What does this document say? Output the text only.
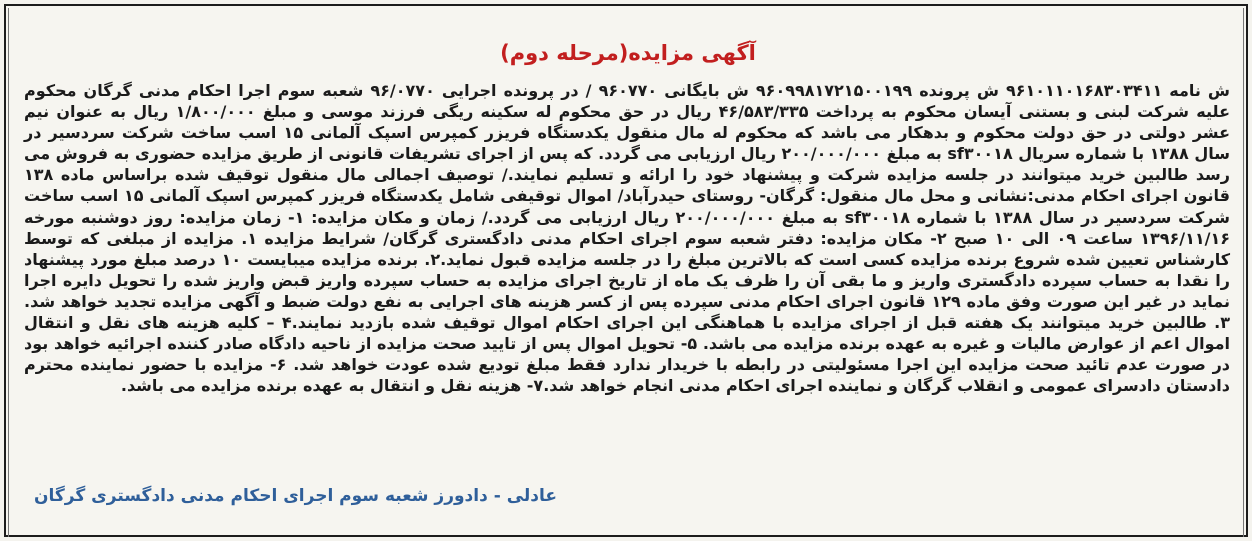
آگهی مزایده(مرحله دوم)
ش نامه ۹۶۱۰۱۱۰۱۶۸۳۰۳۴۱۱ ش پرونده ۹۶۰۹۹۸۱۷۲۱۵۰۰۱۹۹ ش بایگانی ۹۶۰۷۷۰ / در پرونده اجرایی ۹۶/۰۷۷۰ شعبه سوم اجرا احکام مدنی گرگان محکوم علیه شرکت لبنی و بستنی آیسان محکوم به پرداخت ۴۶/۵۸۳/۳۳۵ ریال در حق محکوم له سکینه ریگی فرزند موسی و مبلغ ۱/۸۰۰/۰۰۰ ریال به عنوان نیم عشر دولتی در حق دولت محکوم و بدهکار می باشد که محکوم له مال منقول یکدستگاه فریزر کمپرس اسپک آلمانی ۱۵ اسب ساخت شرکت سردسیر در سال ۱۳۸۸ با شماره سریال sf۳۰۰۱۸ به مبلغ ۲۰۰/۰۰۰/۰۰۰ ریال ارزیابی می گردد. که پس از اجرای تشریفات قانونی از طریق مزایده حضوری به فروش می رسد طالبین خرید میتوانند در جلسه مزایده شرکت و پیشنهاد خود را ارائه و تسلیم نمایند./ توصیف اجمالی مال منقول توقیف شده براساس ماده ۱۳۸ قانون اجرای احکام مدنی:نشانی و محل مال منقول: گرگان- روستای حیدرآباد/ اموال توقیفی شامل یکدستگاه فریزر کمپرس اسپک آلمانی ۱۵ اسب ساخت شرکت سردسیر در سال ۱۳۸۸ با شماره sf۳۰۰۱۸ به مبلغ ۲۰۰/۰۰۰/۰۰۰ ریال ارزیابی می گردد./ زمان و مکان مزایده: ۱- زمان مزایده: روز دوشنبه مورخه ۱۳۹۶/۱۱/۱۶ ساعت ۰۹ الی ۱۰ صبح ۲- مکان مزایده: دفتر شعبه سوم اجرای احکام مدنی دادگستری گرگان/ شرایط مزایده ۱. مزایده از مبلغی که توسط کارشناس تعیین شده شروع برنده مزایده کسی است که بالاترین مبلغ را در جلسه مزایده قبول نماید.۲. برنده مزایده میبایست ۱۰ درصد مبلغ مورد پیشنهاد را نقدا به حساب سپرده دادگستری واریز و ما بقی آن را ظرف یک ماه از تاریخ اجرای مزایده به حساب سپرده واریز قبض واریز شده را تحویل دایره اجرا نماید در غیر این صورت وفق ماده ۱۲۹ قانون اجرای احکام مدنی سپرده پس از کسر هزینه های اجرایی به نفع دولت ضبط و آگهی مزایده تجدید خواهد شد. ۳. طالبین خرید میتوانند یک هفته قبل از اجرای مزایده با هماهنگی این اجرای احکام اموال توقیف شده بازدید نمایند.۴ – کلیه هزینه های نقل و انتقال اموال اعم از عوارض مالیات و غیره به عهده برنده مزایده می باشد. ۵- تحویل اموال پس از تایید صحت مزایده از ناحیه دادگاه صادر کننده اجرائیه خواهد بود در صورت عدم تائید صحت مزایده این اجرا مسئولیتی در رابطه با خریدار ندارد فقط مبلغ تودیع شده عودت خواهد شد. ۶- مزایده با حضور نماینده محترم دادستان دادسرای عمومی و انقلاب گرگان و نماینده اجرای احکام مدنی انجام خواهد شد.۷- هزینه نقل و انتقال به عهده برنده مزایده می باشد.
عادلی - دادورز شعبه سوم اجرای احکام مدنی دادگستری گرگان
